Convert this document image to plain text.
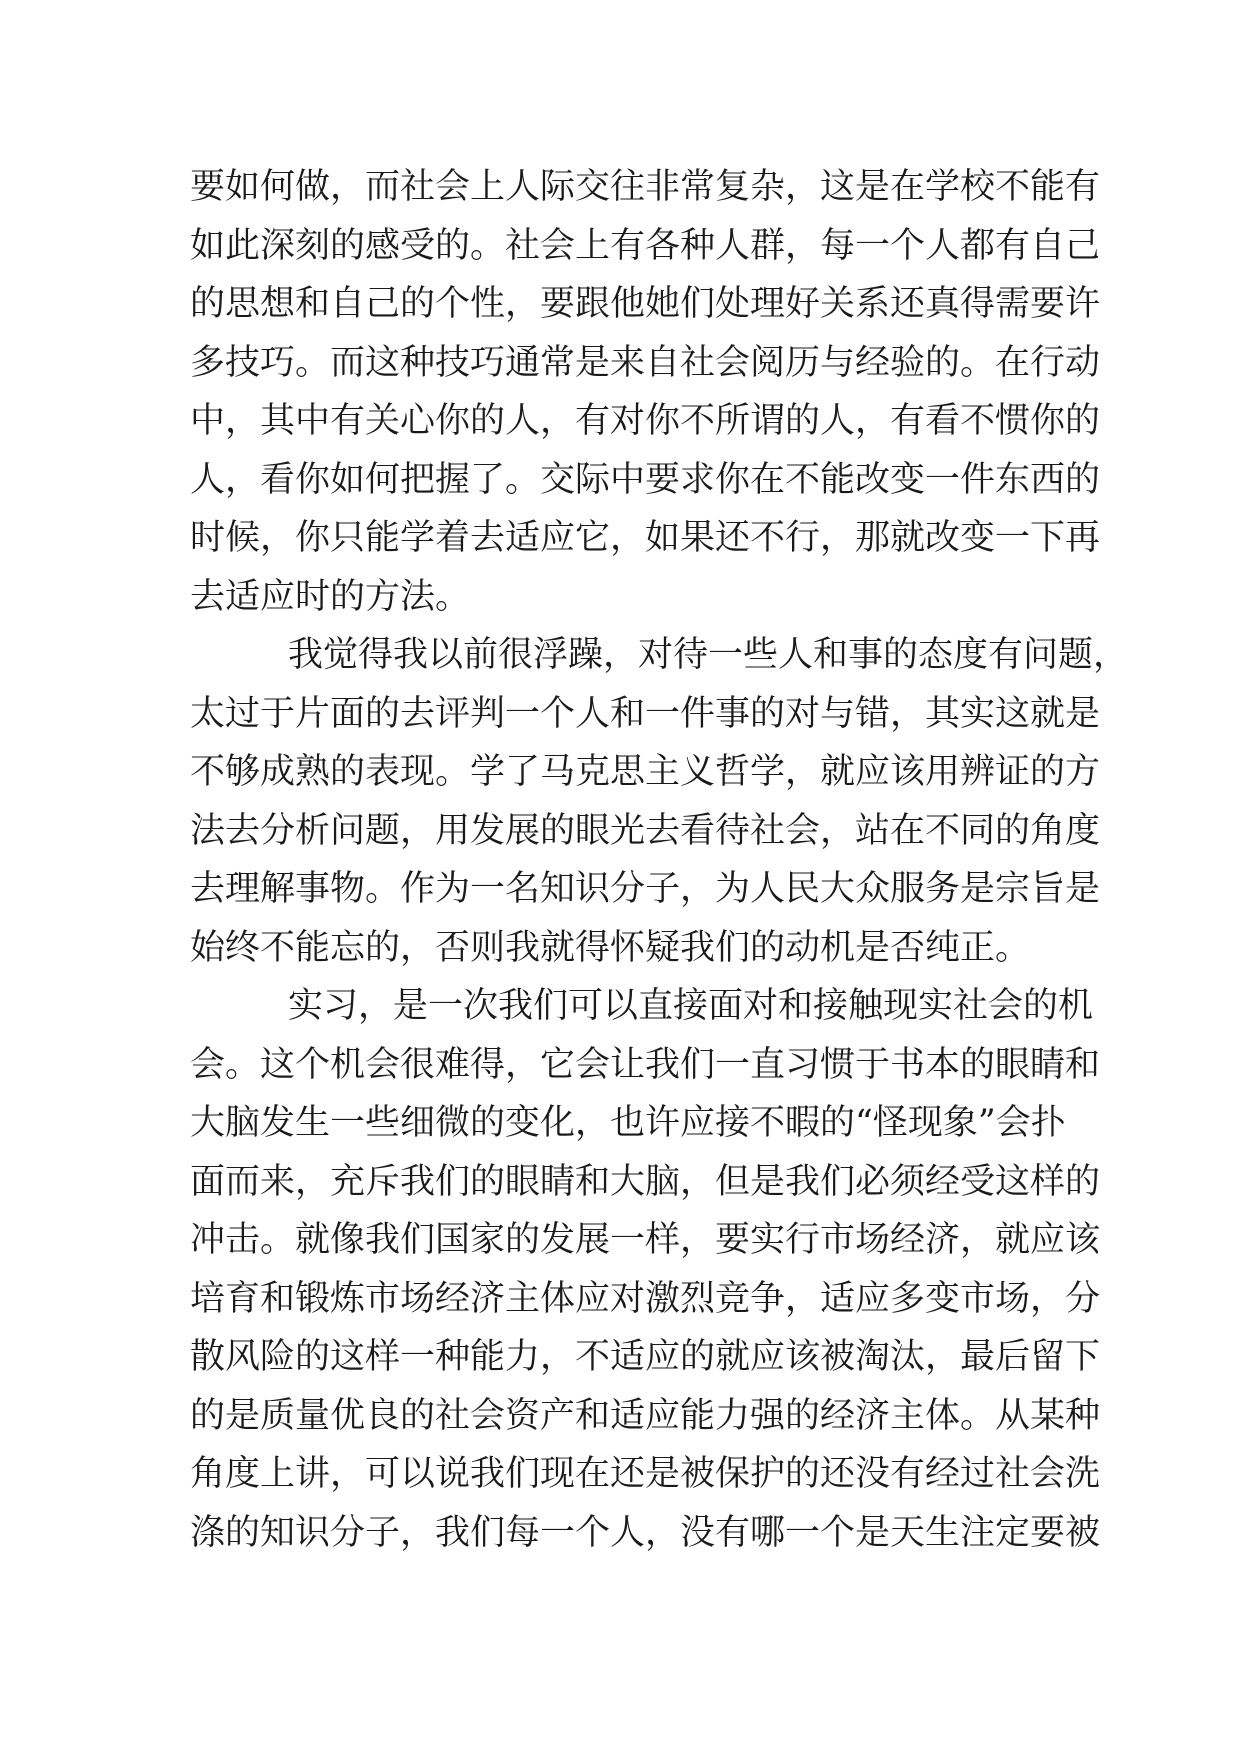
要如何做，而社会上人际交往非常复杂，这是在学校不能有
如此深刻的感受的。社会上有各种人群，每一个人都有自己
的思想和自己的个性，要跟他她们处理好关系还真得需要许
多技巧。而这种技巧通常是来自社会阅历与经验的。在行动
中，其中有关心你的人，有对你不所谓的人，有看不惯你的
人，看你如何把握了。交际中要求你在不能改变一件东西的
时候，你只能学着去适应它，如果还不行，那就改变一下再
去适应时的方法。
我觉得我以前很浮躁，对待一些人和事的态度有问题，
太过于片面的去评判一个人和一件事的对与错，其实这就是
不够成熟的表现。学了马克思主义哲学，就应该用辨证的方
法去分析问题，用发展的眼光去看待社会，站在不同的角度
去理解事物。作为一名知识分子，为人民大众服务是宗旨是
始终不能忘的，否则我就得怀疑我们的动机是否纯正。
实习，是一次我们可以直接面对和接触现实社会的机
会。这个机会很难得，它会让我们一直习惯于书本的眼睛和
大脑发生一些细微的变化，也许应接不暇的“怪现象”会扑
面而来，充斥我们的眼睛和大脑，但是我们必须经受这样的
冲击。就像我们国家的发展一样，要实行市场经济，就应该
培育和锻炼市场经济主体应对激烈竞争，适应多变市场，分
散风险的这样一种能力，不适应的就应该被淘汰，最后留下
的是质量优良的社会资产和适应能力强的经济主体。从某种
角度上讲，可以说我们现在还是被保护的还没有经过社会洗
涤的知识分子，我们每一个人，没有哪一个是天生注定要被
